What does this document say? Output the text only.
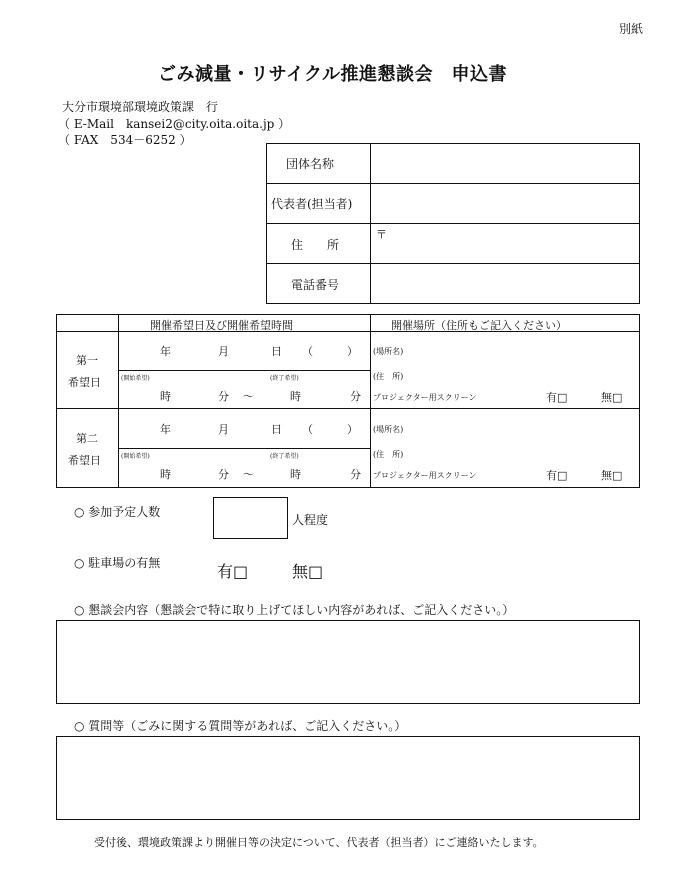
別紙
ごみ減量・リサイクル推進懇談会　申込書
大分市環境部環境政策課　行
（ E-Mail　kansei2@city.oita.oita.jp ）
（ FAX　534－6252 ）
団体名称
代表者(担当者)
住　　所
〒
電話番号
開催希望日及び開催希望時間	開催場所（住所もご記入ください）
第一
希望日
年	月	日 （	）
(開始希望)	(終了希望)
時	分 ～	時	分
(場所名)
(住　所)
プロジェクター用スクリーン	有□	無□
第二
希望日
年	月	日 （	）
(開始希望)	(終了希望)
時	分 ～	時	分
(場所名)
(住　所)
プロジェクター用スクリーン	有□	無□
○ 参加予定人数
人程度
○ 駐車場の有無	有□	無□
○ 懇談会内容（懇談会で特に取り上げてほしい内容があれば、ご記入ください。）
○ 質問等（ごみに関する質問等があれば、ご記入ください。）
受付後、環境政策課より開催日等の決定について、代表者（担当者）にご連絡いたします。
